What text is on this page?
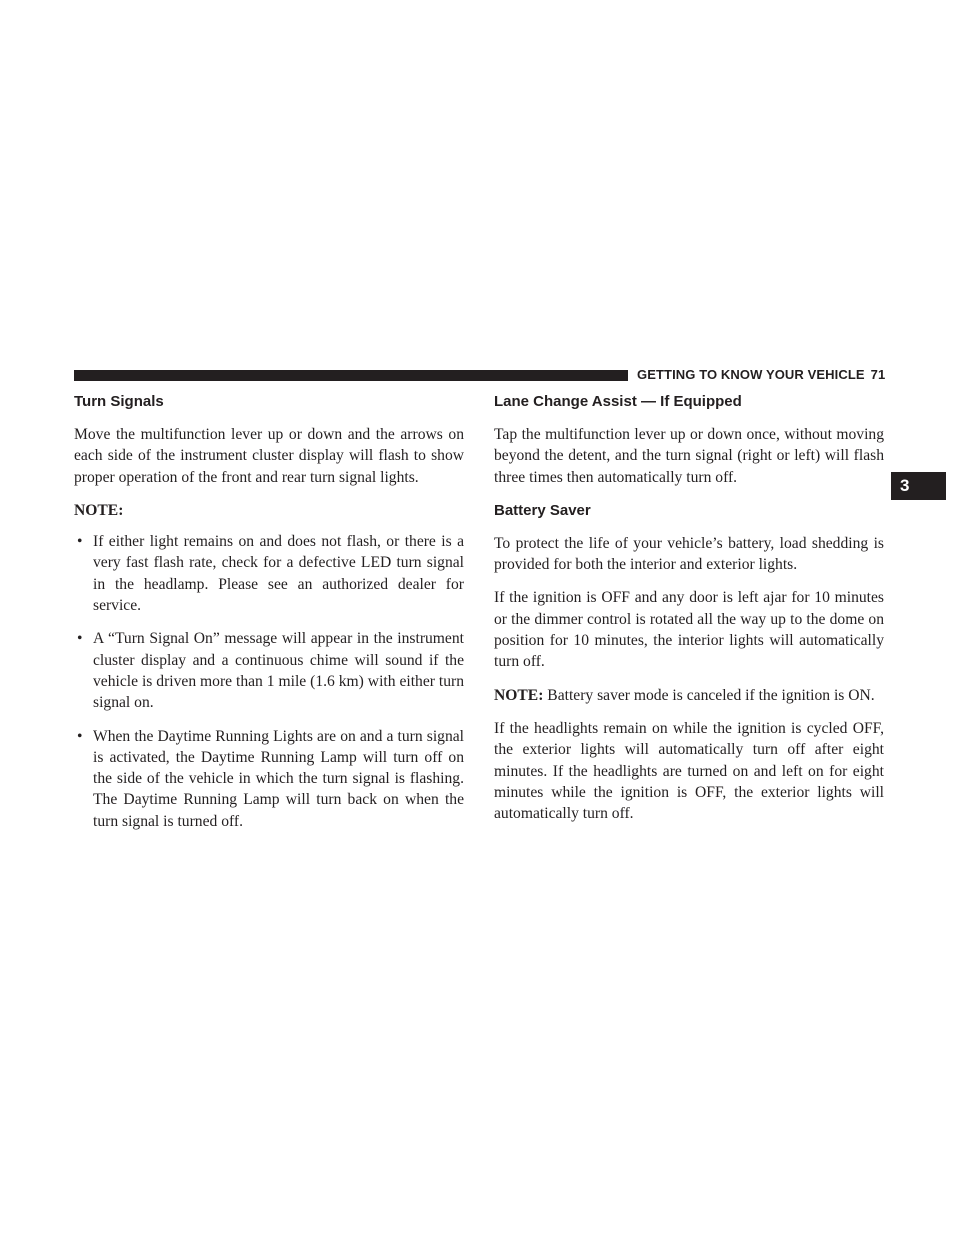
GETTING TO KNOW YOUR VEHICLE 71
3
Turn Signals

Move the multifunction lever up or down and the arrows on each side of the instrument cluster display will flash to show proper operation of the front and rear turn signal lights.

NOTE:

• If either light remains on and does not flash, or there is a very fast flash rate, check for a defective LED turn signal in the headlamp. Please see an authorized dealer for service.
• A “Turn Signal On” message will appear in the instrument cluster display and a continuous chime will sound if the vehicle is driven more than 1 mile (1.6 km) with either turn signal on.
• When the Daytime Running Lights are on and a turn signal is activated, the Daytime Running Lamp will turn off on the side of the vehicle in which the turn signal is flashing. The Daytime Running Lamp will turn back on when the turn signal is turned off.
Lane Change Assist — If Equipped

Tap the multifunction lever up or down once, without moving beyond the detent, and the turn signal (right or left) will flash three times then automatically turn off.

Battery Saver

To protect the life of your vehicle’s battery, load shedding is provided for both the interior and exterior lights.

If the ignition is OFF and any door is left ajar for 10 minutes or the dimmer control is rotated all the way up to the dome on position for 10 minutes, the interior lights will automatically turn off.

NOTE: Battery saver mode is canceled if the ignition is ON.

If the headlights remain on while the ignition is cycled OFF, the exterior lights will automatically turn off after eight minutes. If the headlights are turned on and left on for eight minutes while the ignition is OFF, the exterior lights will automatically turn off.
